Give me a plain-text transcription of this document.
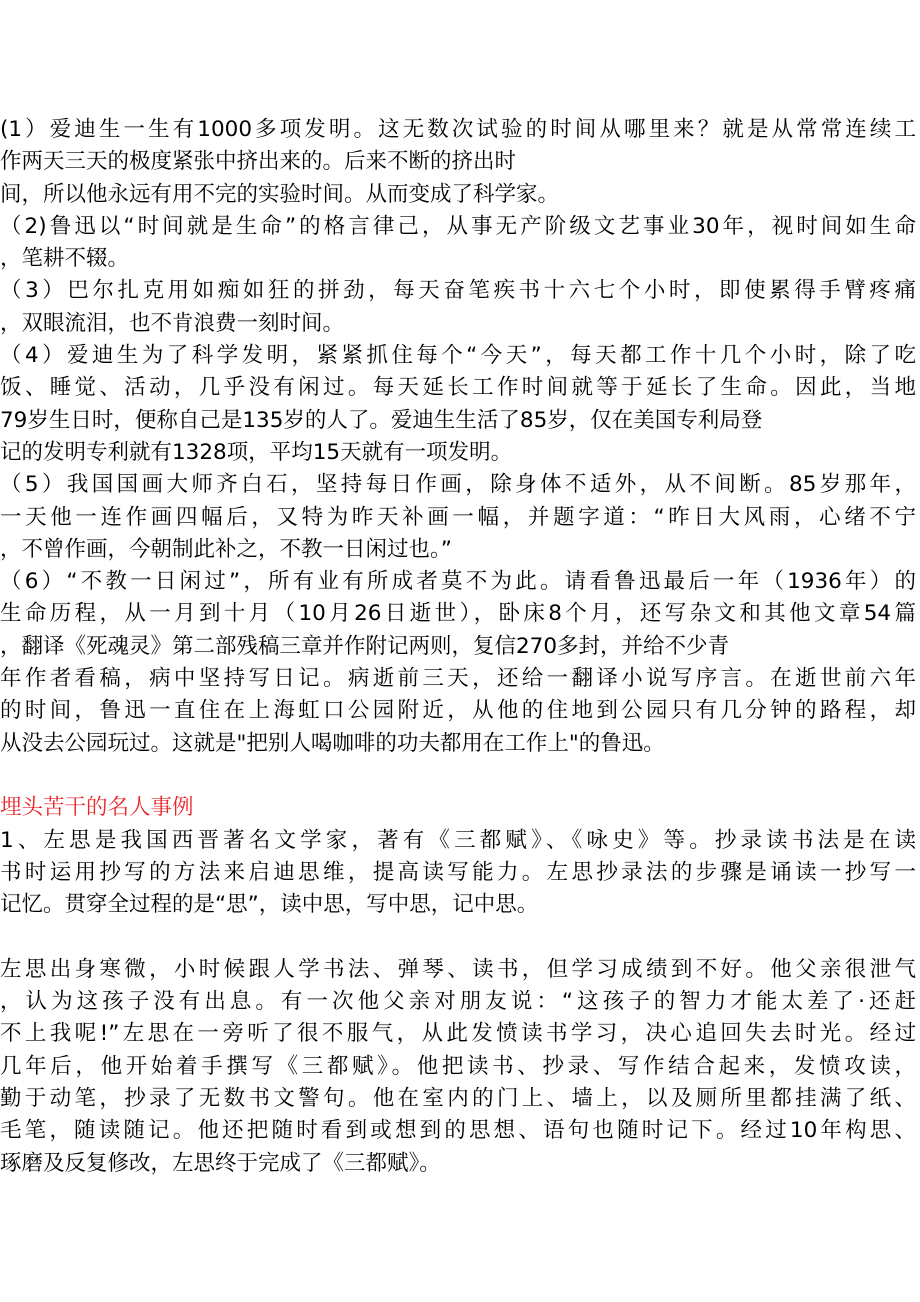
(1）爱迪生一生有1000多项发明。这无数次试验的时间从哪里来？就是从常常连续工

作两天三天的极度紧张中挤出来的。后来不断的挤出时

间，所以他永远有用不完的实验时间。从而变成了科学家。

（2)鲁迅以“时间就是生命”的格言律己，从事无产阶级文艺事业30年，视时间如生命

，笔耕不辍。

（3）巴尔扎克用如痴如狂的拼劲，每天奋笔疾书十六七个小时，即使累得手臂疼痛

，双眼流泪，也不肯浪费一刻时间。

（4）爱迪生为了科学发明，紧紧抓住每个“今天”，每天都工作十几个小时，除了吃

饭、睡觉、活动，几乎没有闲过。每天延长工作时间就等于延长了生命。因此，当地

79岁生日时，便称自己是135岁的人了。爱迪生生活了85岁，仅在美国专利局登

记的发明专利就有1328项，平均15天就有一项发明。

（5）我国国画大师齐白石，坚持每日作画，除身体不适外，从不间断。85岁那年，

一天他一连作画四幅后，又特为昨天补画一幅，并题字道：“昨日大风雨，心绪不宁

，不曾作画，今朝制此补之，不教一日闲过也。”

（6）“不教一日闲过”，所有业有所成者莫不为此。请看鲁迅最后一年（1936年）的

生命历程，从一月到十月（10月26日逝世），卧床8个月，还写杂文和其他文章54篇

，翻译《死魂灵》第二部残稿三章并作附记两则，复信270多封，并给不少青

年作者看稿，病中坚持写日记。病逝前三天，还给一翻译小说写序言。在逝世前六年

的时间，鲁迅一直住在上海虹口公园附近，从他的住地到公园只有几分钟的路程，却

从没去公园玩过。这就是"把别人喝咖啡的功夫都用在工作上"的鲁迅。

埋头苦干的名人事例

1、左思是我国西晋著名文学家，著有《三都赋》、《咏史》等。抄录读书法是在读

书时运用抄写的方法来启迪思维，提高读写能力。左思抄录法的步骤是诵读一抄写一

记忆。贯穿全过程的是“思”，读中思，写中思，记中思。

左思出身寒微，小时候跟人学书法、弹琴、读书，但学习成绩到不好。他父亲很泄气

，认为这孩子没有出息。有一次他父亲对朋友说：“这孩子的智力才能太差了·还赶

不上我呢!”左思在一旁听了很不服气，从此发愤读书学习，决心追回失去时光。经过

几年后，他开始着手撰写《三都赋》。他把读书、抄录、写作结合起来，发愤攻读，

勤于动笔，抄录了无数书文警句。他在室内的门上、墙上，以及厕所里都挂满了纸、

毛笔，随读随记。他还把随时看到或想到的思想、语句也随时记下。经过10年构思、

琢磨及反复修改，左思终于完成了《三都赋》。
